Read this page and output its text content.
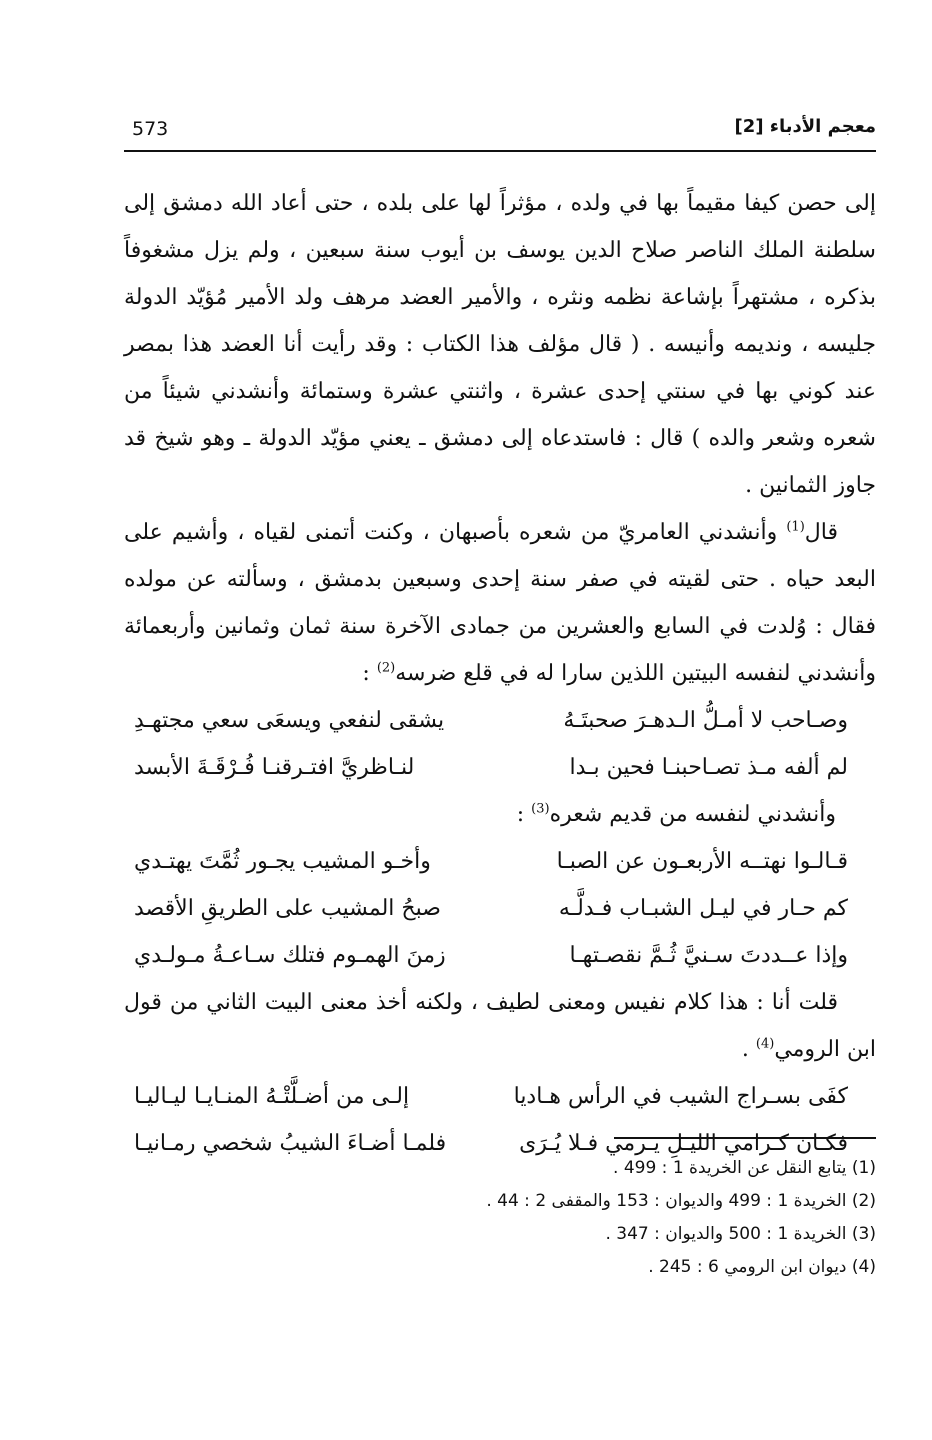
معجم الأدباء [2]
573

إلى حصن كيفا مقيماً بها في ولده ، مؤثراً لها على بلده ، حتى أعاد الله دمشق إلى سلطنة الملك الناصر صلاح الدين يوسف بن أيوب سنة سبعين ، ولم يزل مشغوفاً بذكره ، مشتهراً بإشاعة نظمه ونثره ، والأمير العضد مرهف ولد الأمير مُؤيّد الدولة جليسه ، ونديمه وأنيسه . ( قال مؤلف هذا الكتاب : وقد رأيت أنا العضد هذا بمصر عند كوني بها في سنتي إحدى عشرة ، واثنتي عشرة وستمائة وأنشدني شيئاً من شعره وشعر والده ) قال : فاستدعاه إلى دمشق ـ يعني مؤيّد الدولة ـ وهو شيخ قد جاوز الثمانين .

قال$^{(1)}$ وأنشدني العامريّ من شعره بأصبهان ، وكنت أتمنى لقياه ، وأشيم على البعد حياه . حتى لقيته في صفر سنة إحدى وسبعين بدمشق ، وسألته عن مولده فقال : وُلدت في السابع والعشرين من جمادى الآخرة سنة ثمان وثمانين وأربعمائة وأنشدني لنفسه البيتين اللذين سارا له في قلع ضرسه$^{(2)}$ :

وصـاحب لا أمـلُّ الـدهـرَ صحبتَـهُ
يشقى لنفعي ويسعَى سعي مجتهـدِ
لم ألفه مـذ تصـاحبنـا فحين بـدا
لنـاظريَّ افتـرقنـا فُـرْقَـةَ الأبسد
وأنشدني لنفسه من قديم شعره$^{(3)}$ :
قـالـوا نهتــه الأربعـون عن الصبـا
وأخـو المشيب يجـور ثُمَّتَ يهتـدي
كم حـار في ليـل الشبـاب فـدلَّـه
صبحُ المشيب على الطريقِ الأقصد
وإذا عــددتَ سـنيَّ ثُـمَّ نقصـتهـا
زمنَ الهمـوم فتلك سـاعـةُ مـولـدي

قلت أنا : هذا كلام نفيس ومعنى لطيف ، ولكنه أخذ معنى البيت الثاني من قول ابن الرومي$^{(4)}$ .

كفَى بسـراج الشيب في الرأس هـاديا
إلـى من أضـلَّتْـهُ المنـايـا ليـاليـا
فكـان كـرامي الليـلِ يـرمي فـلا يُـرَى
فلمـا أضـاءَ الشيبُ شخصي رمـانيـا
(1) يتابع النقل عن الخريدة 1 : 499 .
(2) الخريدة 1 : 499 والديوان : 153 والمقفى 2 : 44 .
(3) الخريدة 1 : 500 والديوان : 347 .
(4) ديوان ابن الرومي 6 : 245 .
